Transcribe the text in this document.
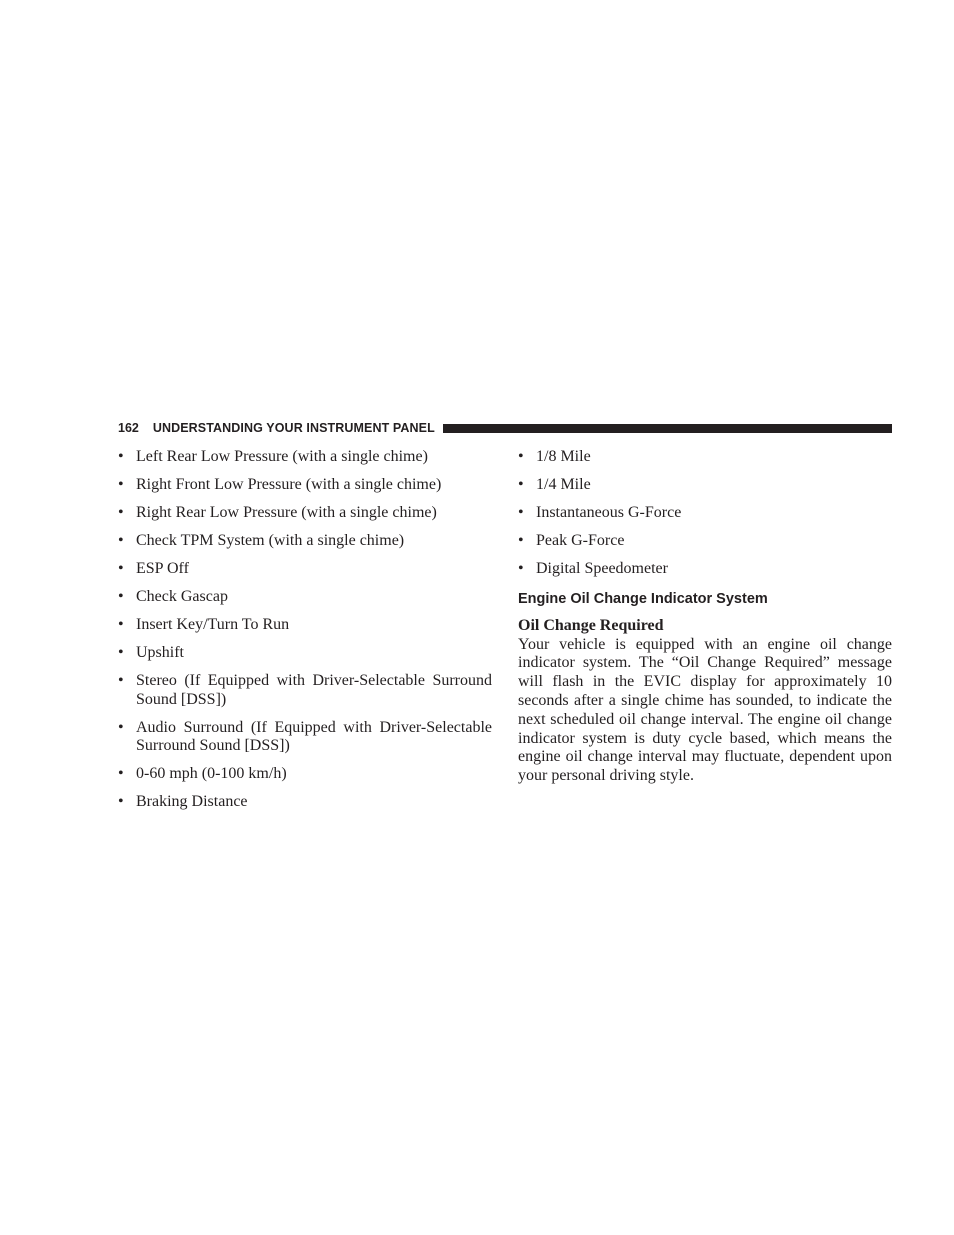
162 UNDERSTANDING YOUR INSTRUMENT PANEL
• Left Rear Low Pressure (with a single chime)
• Right Front Low Pressure (with a single chime)
• Right Rear Low Pressure (with a single chime)
• Check TPM System (with a single chime)
• ESP Off
• Check Gascap
• Insert Key/Turn To Run
• Upshift
• Stereo (If Equipped with Driver-Selectable Surround Sound [DSS])
• Audio Surround (If Equipped with Driver-Selectable Surround Sound [DSS])
• 0-60 mph (0-100 km/h)
• Braking Distance
• 1/8 Mile
• 1/4 Mile
• Instantaneous G-Force
• Peak G-Force
• Digital Speedometer
Engine Oil Change Indicator System
Oil Change Required

Your vehicle is equipped with an engine oil change indicator system. The “Oil Change Required” message will flash in the EVIC display for approximately 10 seconds after a single chime has sounded, to indicate the next scheduled oil change interval. The engine oil change indicator system is duty cycle based, which means the engine oil change interval may fluctuate, dependent upon your personal driving style.
